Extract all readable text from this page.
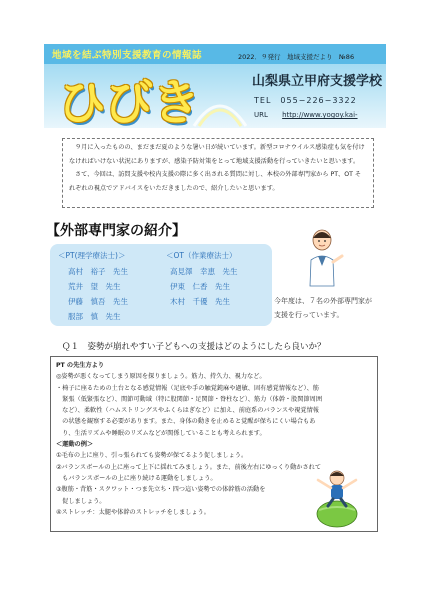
地域を結ぶ特別支援教育の情報誌	2022．９発行　地域支援だより　№86
ひびき	山梨県立甲府支援学校
TEL　055−226−3322
URL http://www.yogoy.kai-

９月に入ったものの、まだまだ夏のような暑い日が続いています。新型コロナウイルス感染症も気を付けなければいけない状況にありますが、感染予防対策をとって地域支援活動を行っていきたいと思います。

さて、今回は、訪問支援や校内支援の際に多く出される質問に対し、本校の外部専門家から PT、OT それぞれの視点でアドバイスをいただきましたので、紹介したいと思います。

【外部専門家の紹介】
＜PT(理学療法士)＞
高村　裕子　先生
荒井　望　先生
伊藤　慎吾　先生
服部　慎　先生
＜OT（作業療法士）
高見澤　幸恵　先生
伊東　仁香　先生
木村　千優　先生	今年度は、７名の外部専門家が
支援を行っています。
Ｑ１　姿勢が崩れやすい子どもへの支援はどのようにしたら良いか？
PT の先生方より
◎姿勢が悪くなってしまう原因を探りましょう。筋力、持久力、視力など。
・椅子に座るための土台となる感覚情報（足底や手の触覚鈍麻や過敏、固有感覚情報など）、筋
　緊張（低緊張など）、関節可動域（特に股関節・足関節・脊柱など）、筋力（体幹・股関節周囲
　など）、柔軟性（ハムストリングスやふくらはぎなど）に加え、前庭系のバランスや視覚情報
　の状態を観察する必要があります。また、身体の動きを止めると覚醒が保ちにくい場合もあ
　り、生活リズムや睡眠のリズムなどが関係していることも考えられます。
＜運動の例＞
①毛布の上に座り、引っ張られても姿勢が保てるよう促しましょう。
②バランスボールの上に座って上下に揺れてみましょう。また、前後左右にゆっくり動かされて
　もバランスボールの上に座り続ける運動をしましょう。
③腹筋・背筋・スクワット・つま先立ち・四つ這い姿勢での体幹筋の活動を
　促しましょう。
④ストレッチ：太腿や体幹のストレッチをしましょう。
